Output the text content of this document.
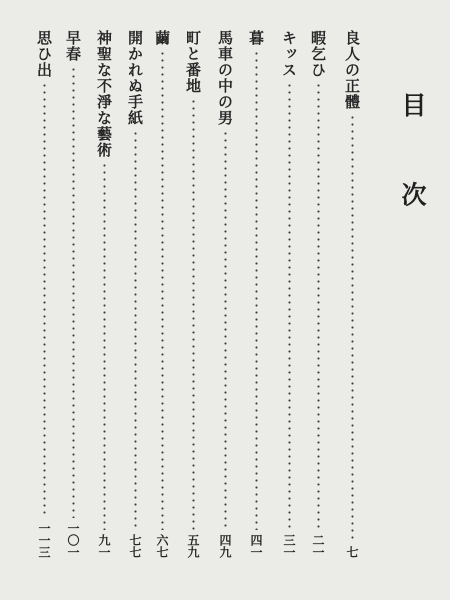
目 次
良人の正體
七
暇乞ひ
二一
キッス
三一
暮
四一
馬車の中の男
四九
町と番地
五九
繭
六七
開かれぬ手紙
七七
神聖な不淨な藝術
九一
早春
一〇一
思ひ出
一一三
